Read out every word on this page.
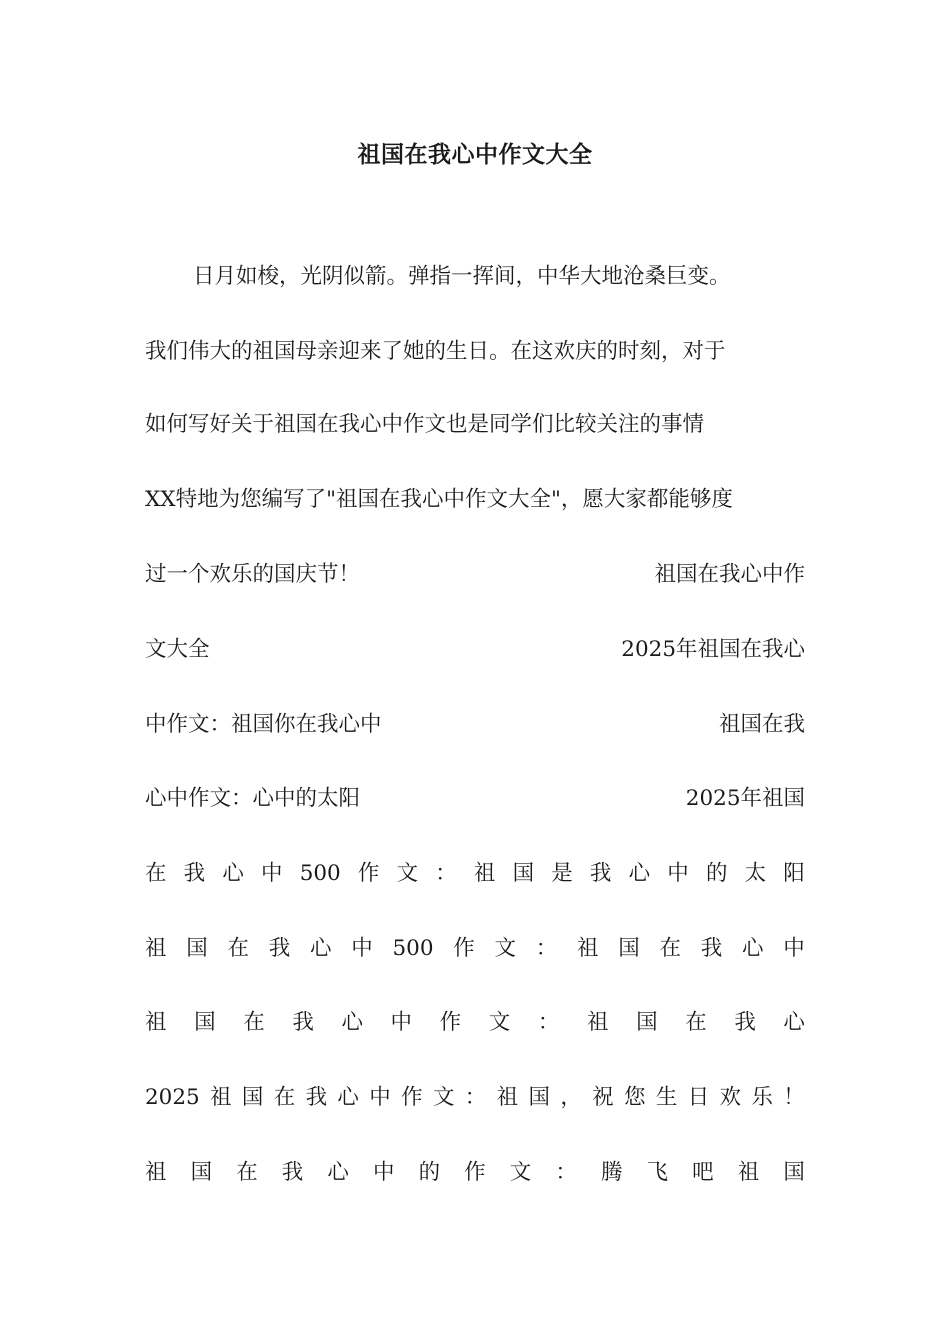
祖国在我心中作文大全
日月如梭，光阴似箭。弹指一挥间，中华大地沧桑巨变。
我们伟大的祖国母亲迎来了她的生日。在这欢庆的时刻，对于
如何写好关于祖国在我心中作文也是同学们比较关注的事情
XX特地为您编写了"祖国在我心中作文大全"，愿大家都能够度
过一个欢乐的国庆节！	祖国在我心中作
文大全	2025年祖国在我心
中作文：祖国你在我心中	祖国在我
心中作文：心中的太阳	2025年祖国
在 我 心 中 500 作 文 ： 祖 国 是 我 心 中 的 太 阳
祖 国 在 我 心 中 500 作 文 ： 祖 国 在 我 心 中
祖 国 在 我 心 中 作 文 ： 祖 国 在 我 心
2025 祖 国 在 我 心 中 作 文 ： 祖 国 ， 祝 您 生 日 欢 乐 ！
祖 国 在 我 心 中 的 作 文 ： 腾 飞 吧 祖 国
